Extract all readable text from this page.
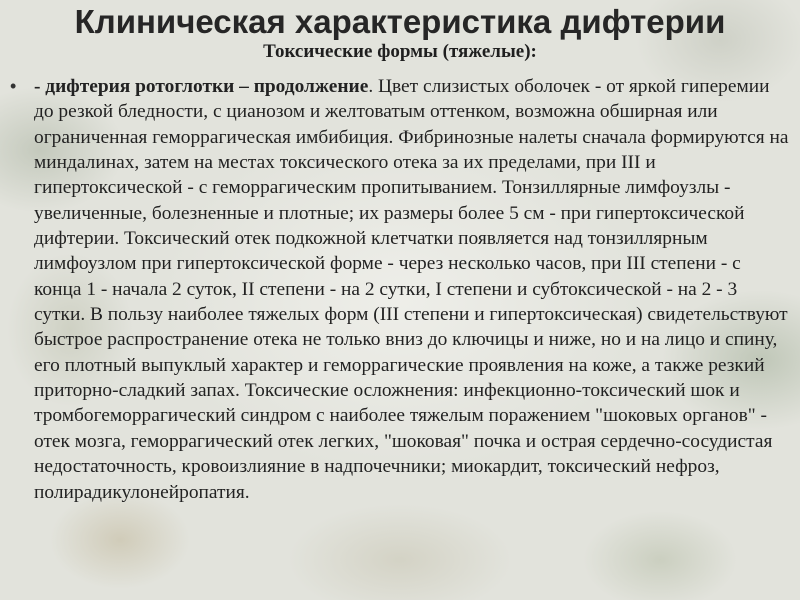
Клиническая характеристика дифтерии
Токсические формы (тяжелые):
• - дифтерия ротоглотки – продолжение. Цвет слизистых оболочек - от яркой гиперемии до резкой бледности, с цианозом и желтоватым оттенком, возможна обширная или ограниченная геморрагическая имбибиция. Фибринозные налеты сначала формируются на миндалинах, затем на местах токсического отека за их пределами, при III и гипертоксической - с геморрагическим пропитыванием. Тонзиллярные лимфоузлы - увеличенные, болезненные и плотные; их размеры более 5 см - при гипертоксической дифтерии. Токсический отек подкожной клетчатки появляется над тонзиллярным лимфоузлом при гипертоксической форме - через несколько часов, при III степени - с конца 1 - начала 2 суток, II степени - на 2 сутки, I степени и субтоксической - на 2 - 3 сутки. В пользу наиболее тяжелых форм (III степени и гипертоксическая) свидетельствуют быстрое распространение отека не только вниз до ключицы и ниже, но и на лицо и спину, его плотный выпуклый характер и геморрагические проявления на коже, а также резкий приторно-сладкий запах. Токсические осложнения: инфекционно-токсический шок и тромбогеморрагический синдром с наиболее тяжелым поражением "шоковых органов" - отек мозга, геморрагический отек легких, "шоковая" почка и острая сердечно-сосудистая недостаточность, кровоизлияние в надпочечники; миокардит, токсический нефроз, полирадикулонейропатия.
